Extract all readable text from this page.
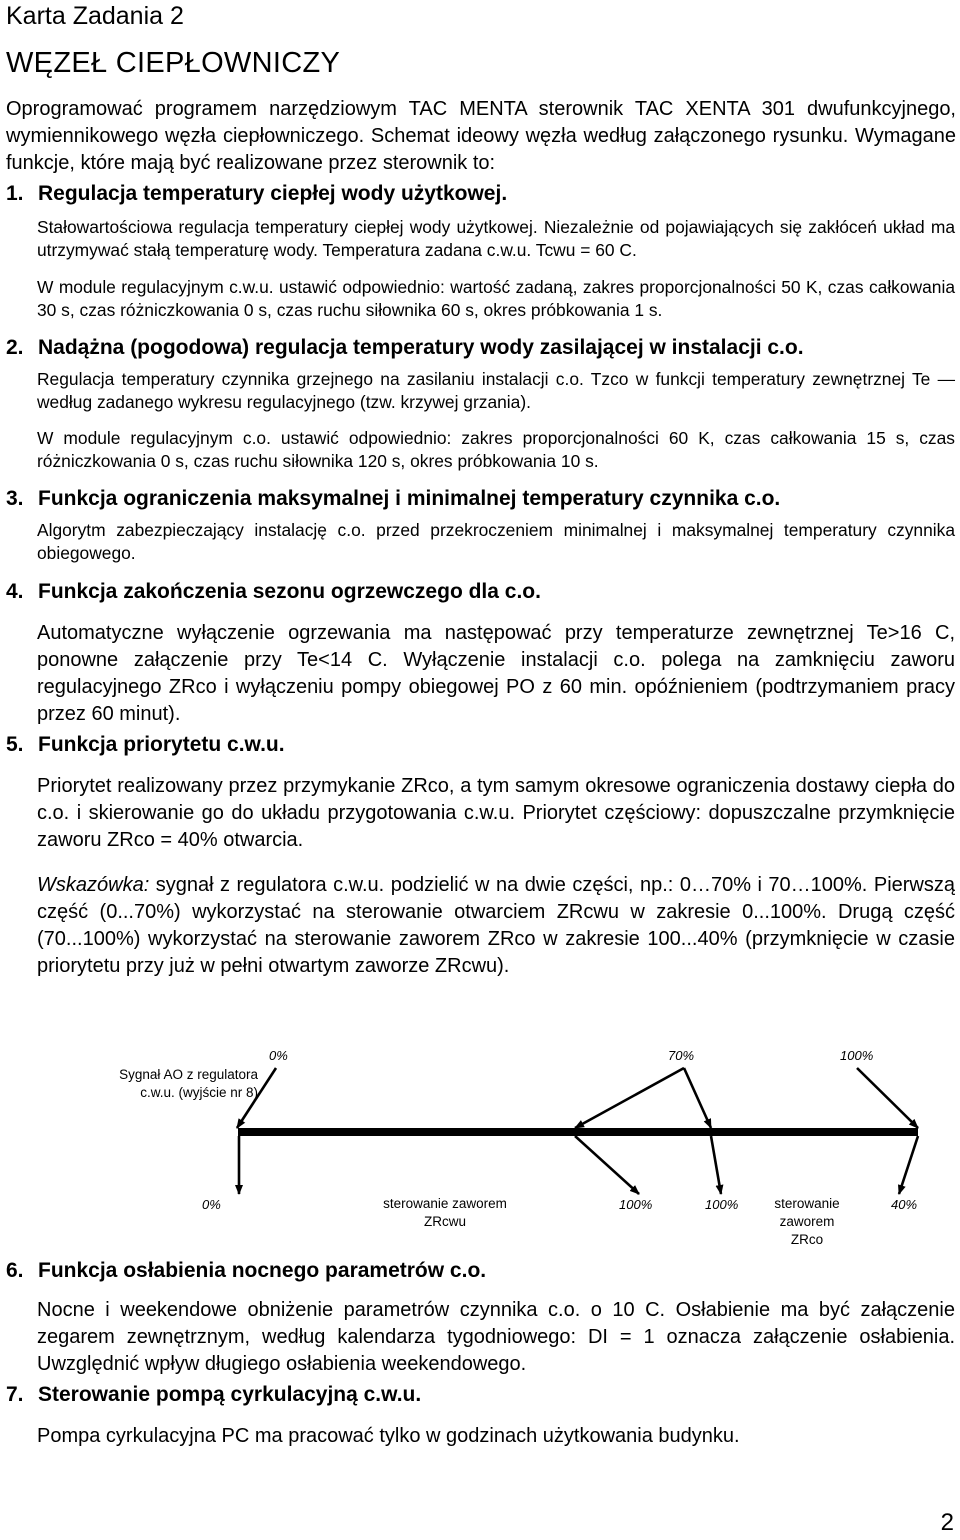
Karta Zadania 2
WĘZEŁ CIEPŁOWNICZY
Oprogramować programem narzędziowym TAC MENTA sterownik TAC XENTA 301 dwufunkcyjnego, wymiennikowego węzła ciepłowniczego. Schemat ideowy węzła według załączonego rysunku. Wymagane funkcje, które mają być realizowane przez sterownik to:
1. Regulacja temperatury ciepłej wody użytkowej.
Stałowartościowa regulacja temperatury ciepłej wody użytkowej. Niezależnie od pojawiających się zakłóceń układ ma utrzymywać stałą temperaturę wody. Temperatura zadana c.w.u. Tcwu = 60 C.
W module regulacyjnym c.w.u. ustawić odpowiednio: wartość zadaną, zakres proporcjonalności 50 K, czas całkowania 30 s, czas różniczkowania 0 s, czas ruchu siłownika 60 s, okres próbkowania 1 s.
2. Nadążna (pogodowa) regulacja temperatury wody zasilającej w instalacji c.o.
Regulacja temperatury czynnika grzejnego na zasilaniu instalacji c.o. Tzco w funkcji temperatury zewnętrznej Te — według zadanego wykresu regulacyjnego (tzw. krzywej grzania).
W module regulacyjnym c.o. ustawić odpowiednio: zakres proporcjonalności 60 K, czas całkowania 15 s, czas różniczkowania 0 s, czas ruchu siłownika 120 s, okres próbkowania 10 s.
3. Funkcja ograniczenia maksymalnej i minimalnej temperatury czynnika c.o.
Algorytm zabezpieczający instalację c.o. przed przekroczeniem minimalnej i maksymalnej temperatury czynnika obiegowego.
4. Funkcja zakończenia sezonu ogrzewczego dla c.o.
Automatyczne wyłączenie ogrzewania ma następować przy temperaturze zewnętrznej Te>16 C, ponowne załączenie przy Te<14 C. Wyłączenie instalacji c.o. polega na zamknięciu zaworu regulacyjnego ZRco i wyłączeniu pompy obiegowej PO z 60 min. opóźnieniem (podtrzymaniem pracy przez 60 minut).
5. Funkcja priorytetu c.w.u.
Priorytet realizowany przez przymykanie ZRco, a tym samym okresowe ograniczenia dostawy ciepła do c.o. i skierowanie go do układu przygotowania c.w.u. Priorytet częściowy: dopuszczalne przymknięcie zaworu ZRco = 40% otwarcia.
Wskazówka: sygnał z regulatora c.w.u. podzielić w na dwie części, np.: 0…70% i 70…100%. Pierwszą część (0...70%) wykorzystać na sterowanie otwarciem ZRcwu w zakresie 0...100%. Drugą część (70...100%) wykorzystać na sterowanie zaworem ZRco w zakresie 100...40% (przymknięcie w czasie priorytetu przy już w pełni otwartym zaworze ZRcwu).
Sygnał AO z regulatora
c.w.u. (wyjście nr 8)
0%	70%	100%
0%	sterowanie zaworem
ZRcwu
100%	100%	sterowanie
zaworem
ZRco
40%
6. Funkcja osłabienia nocnego parametrów c.o.
Nocne i weekendowe obniżenie parametrów czynnika c.o. o 10 C. Osłabienie ma być załączenie zegarem zewnętrznym, według kalendarza tygodniowego: DI = 1 oznacza załączenie osłabienia. Uwzględnić wpływ długiego osłabienia weekendowego.
7. Sterowanie pompą cyrkulacyjną c.w.u.
Pompa cyrkulacyjna PC ma pracować tylko w godzinach użytkowania budynku.
2
